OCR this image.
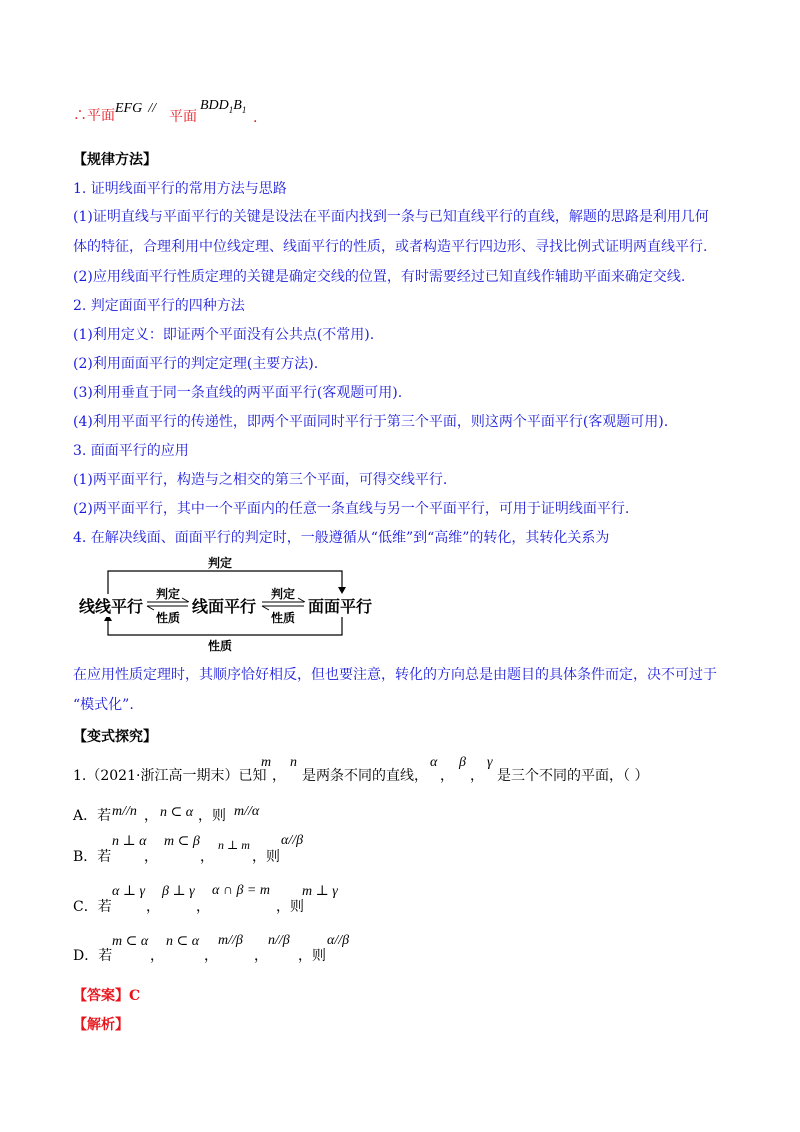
∴平面 EFG //
平面
$BDD_1B_1$
.
【规律方法】
1. 证明线面平行的常用方法与思路
(1)证明直线与平面平行的关键是设法在平面内找到一条与已知直线平行的直线，解题的思路是利用几何
体的特征，合理利用中位线定理、线面平行的性质，或者构造平行四边形、寻找比例式证明两直线平行.
(2)应用线面平行性质定理的关键是确定交线的位置，有时需要经过已知直线作辅助平面来确定交线.
2. 判定面面平行的四种方法
(1)利用定义：即证两个平面没有公共点(不常用).
(2)利用面面平行的判定定理(主要方法).
(3)利用垂直于同一条直线的两平面平行(客观题可用).
(4)利用平面平行的传递性，即两个平面同时平行于第三个平面，则这两个平面平行(客观题可用).
3. 面面平行的应用
(1)两平面平行，构造与之相交的第三个平面，可得交线平行.
(2)两平面平行，其中一个平面内的任意一条直线与另一个平面平行，可用于证明线面平行.
4. 在解决线面、面面平行的判定时，一般遵循从“低维”到“高维”的转化，其转化关系为
判定
性质
线线平行	线面平行	面面平行
判定
性质
判定
性质
在应用性质定理时，其顺序恰好相反，但也要注意，转化的方向总是由题目的具体条件而定，决不可过于
“模式化”.
【变式探究】
1.（2021·浙江高一期末）已知
m
，
n
是两条不同的直线，
α
，
β
，
γ
是三个不同的平面，（ ）
A．若 m//n ， n ⊂ α ，则 m//α
B．若
n ⊥ α
，
m ⊂ β
，
n ⊥ m
，则
α//β
C．若
α ⊥ γ
，
β ⊥ γ
，
α ∩ β = m
，则
m ⊥ γ
D．若
m ⊂ α
，
n ⊂ α
，
m//β
，
n//β
，则
α//β
【答案】C
【解析】
